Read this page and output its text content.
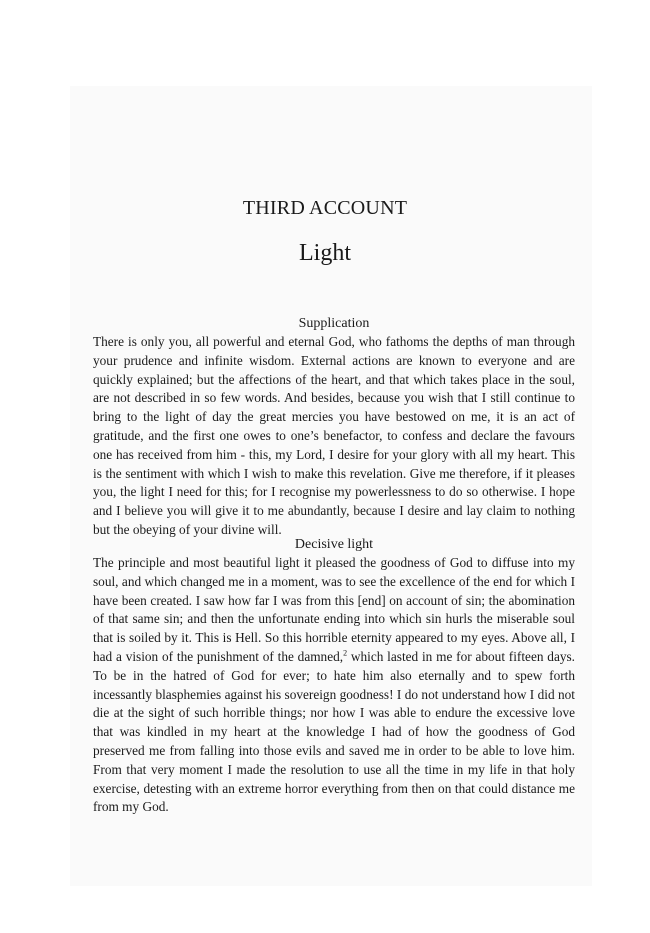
THIRD ACCOUNT
Light

Supplication

There is only you, all powerful and eternal God, who fathoms the depths of man through your prudence and infinite wisdom. External actions are known to everyone and are quickly explained; but the affections of the heart, and that which takes place in the soul, are not described in so few words. And besides, because you wish that I still continue to bring to the light of day the great mercies you have bestowed on me, it is an act of gratitude, and the first one owes to one’s benefactor, to confess and declare the favours one has received from him - this, my Lord, I desire for your glory with all my heart. This is the sentiment with which I wish to make this revelation. Give me therefore, if it pleases you, the light I need for this; for I recognise my powerlessness to do so otherwise. I hope and I believe you will give it to me abundantly, because I desire and lay claim to nothing but the obeying of your divine will.

Decisive light

The principle and most beautiful light it pleased the goodness of God to diffuse into my soul, and which changed me in a moment, was to see the excellence of the end for which I have been created. I saw how far I was from this [end] on account of sin; the abomination of that same sin; and then the unfortunate ending into which sin hurls the miserable soul that is soiled by it. This is Hell. So this horrible eternity appeared to my eyes. Above all, I had a vision of the punishment of the damned,$^2$ which lasted in me for about fifteen days. To be in the hatred of God for ever; to hate him also eternally and to spew forth incessantly blasphemies against his sovereign goodness! I do not understand how I did not die at the sight of such horrible things; nor how I was able to endure the excessive love that was kindled in my heart at the knowledge I had of how the goodness of God preserved me from falling into those evils and saved me in order to be able to love him. From that very moment I made the resolution to use all the time in my life in that holy exercise, detesting with an extreme horror everything from then on that could distance me from my God.
